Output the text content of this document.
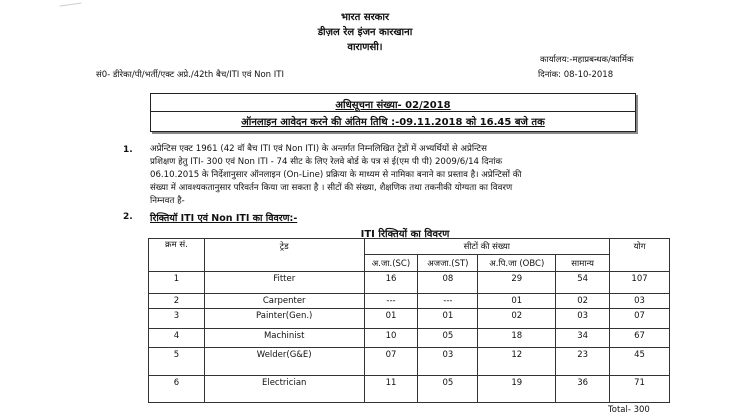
भारत सरकार
डीज़ल रेल इंजन कारखाना
वाराणसी।
कार्यालय:-महाप्रबन्धक/कार्मिक
सं0- डीरेका/पी/भर्ती/एक्ट अप्रे./42th बैच/ITI एवं Non ITI	दिनांक: 08-10-2018
अधिसूचना संख्या- 02/2018
ऑनलाइन आवेदन करने की अंतिम तिथि :-09.11.2018 को 16.45 बजे तक
1. अप्रेन्टिस एक्ट 1961 (42 वॉ बैच ITI एवं Non ITI) के अन्तर्गत निम्नलिखित ट्रेडों में अभ्यर्थियों से अप्रेन्टिस
प्रशिक्षण हेतु ITI- 300 एवं Non ITI - 74 सीट के लिए रेलवे बोर्ड के पत्र सं ई(एम पी पी) 2009/6/14 दिनांक
06.10.2015 के निर्देशानुसार ऑनलाइन (On-Line) प्रक्रिया के माध्यम से नामिका बनाने का प्रस्ताव है। अप्रेन्टिसों की
संख्या में आवश्यकतानुसार परिवर्तन किया जा सकता है । सीटों की संख्या, शैक्षणिक तथा तकनीकी योग्यता का विवरण
निम्नवत है-
2. रिक्तियॉ ITI एवं Non ITI का विवरण:-
ITI रिक्तियों का विवरण
क्रम सं.	ट्रेड	सीटों की संख्या				योग
		अ.जा.(SC)	अजजा.(ST)	अ.पि.जा (OBC)	सामान्य	
1	Fitter	16	08	29	54	107
2	Carpenter	---	---	01	02	03
3	Painter(Gen.)	01	01	02	03	07
4	Machinist	10	05	18	34	67
5	Welder(G&E)	07	03	12	23	45
6	Electrician	11	05	19	36	71
Total- 300
